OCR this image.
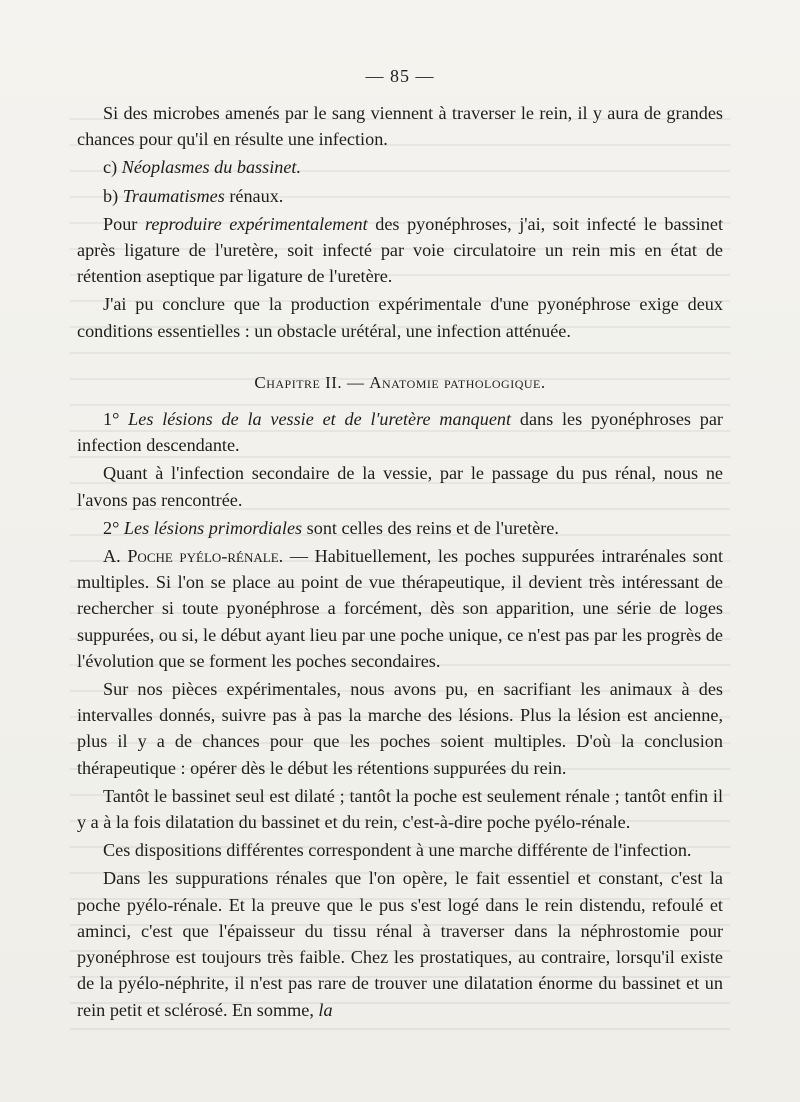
— 85 —

Si des microbes amenés par le sang viennent à traverser le rein, il y aura de grandes chances pour qu'il en résulte une infection.

c) Néoplasmes du bassinet.

b) Traumatismes rénaux.

Pour reproduire expérimentalement des pyonéphroses, j'ai, soit infecté le bassinet après ligature de l'uretère, soit infecté par voie circulatoire un rein mis en état de rétention aseptique par ligature de l'uretère.

J'ai pu conclure que la production expérimentale d'une pyonéphrose exige deux conditions essentielles : un obstacle urétéral, une infection atténuée.

Chapitre II. — Anatomie pathologique.

1° Les lésions de la vessie et de l'uretère manquent dans les pyonéphroses par infection descendante.

Quant à l'infection secondaire de la vessie, par le passage du pus rénal, nous ne l'avons pas rencontrée.

2° Les lésions primordiales sont celles des reins et de l'uretère.

A. Poche pyélo-rénale. — Habituellement, les poches suppurées intrarénales sont multiples. Si l'on se place au point de vue thérapeutique, il devient très intéressant de rechercher si toute pyonéphrose a forcément, dès son apparition, une série de loges suppurées, ou si, le début ayant lieu par une poche unique, ce n'est pas par les progrès de l'évolution que se forment les poches secondaires.

Sur nos pièces expérimentales, nous avons pu, en sacrifiant les animaux à des intervalles donnés, suivre pas à pas la marche des lésions. Plus la lésion est ancienne, plus il y a de chances pour que les poches soient multiples. D'où la conclusion thérapeutique : opérer dès le début les rétentions suppurées du rein.

Tantôt le bassinet seul est dilaté ; tantôt la poche est seulement rénale ; tantôt enfin il y a à la fois dilatation du bassinet et du rein, c'est-à-dire poche pyélo-rénale.

Ces dispositions différentes correspondent à une marche différente de l'infection.

Dans les suppurations rénales que l'on opère, le fait essentiel et constant, c'est la poche pyélo-rénale. Et la preuve que le pus s'est logé dans le rein distendu, refoulé et aminci, c'est que l'épaisseur du tissu rénal à traverser dans la néphrostomie pour pyonéphrose est toujours très faible. Chez les prostatiques, au contraire, lorsqu'il existe de la pyélo-néphrite, il n'est pas rare de trouver une dilatation énorme du bassinet et un rein petit et sclérosé. En somme, la
